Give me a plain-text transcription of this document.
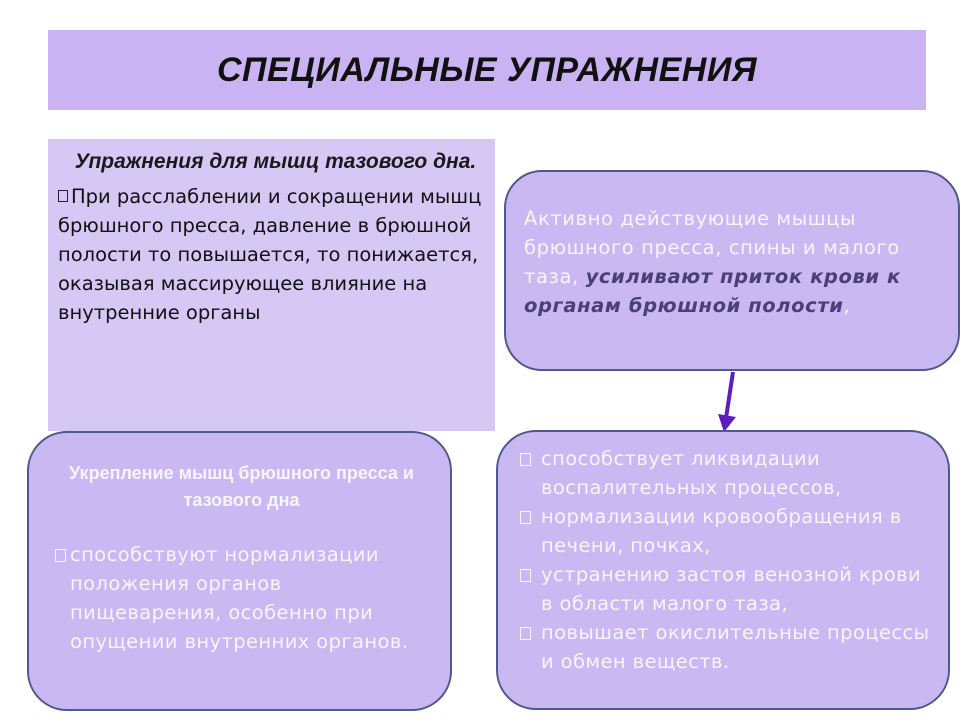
СПЕЦИАЛЬНЫЕ УПРАЖНЕНИЯ
Упражнения для мышц тазового дна.
При расслаблении и сокращении мышц брюшного пресса, давление в брюшной полости то повышается, то понижается, оказывая массирующее влияние на внутренние органы

Активно действующие мышцы брюшного пресса, спины и малого таза, усиливают приток крови к органам брюшной полости,

Укрепление мышц брюшного пресса и тазового дна
способствуют нормализации положения органов пищеварения, особенно при опущении внутренних органов.
способствует ликвидации воспалительных процессов,
нормализации кровообращения в печени, почках,
устранению застоя венозной крови в области малого таза,
повышает окислительные процессы и обмен веществ.
